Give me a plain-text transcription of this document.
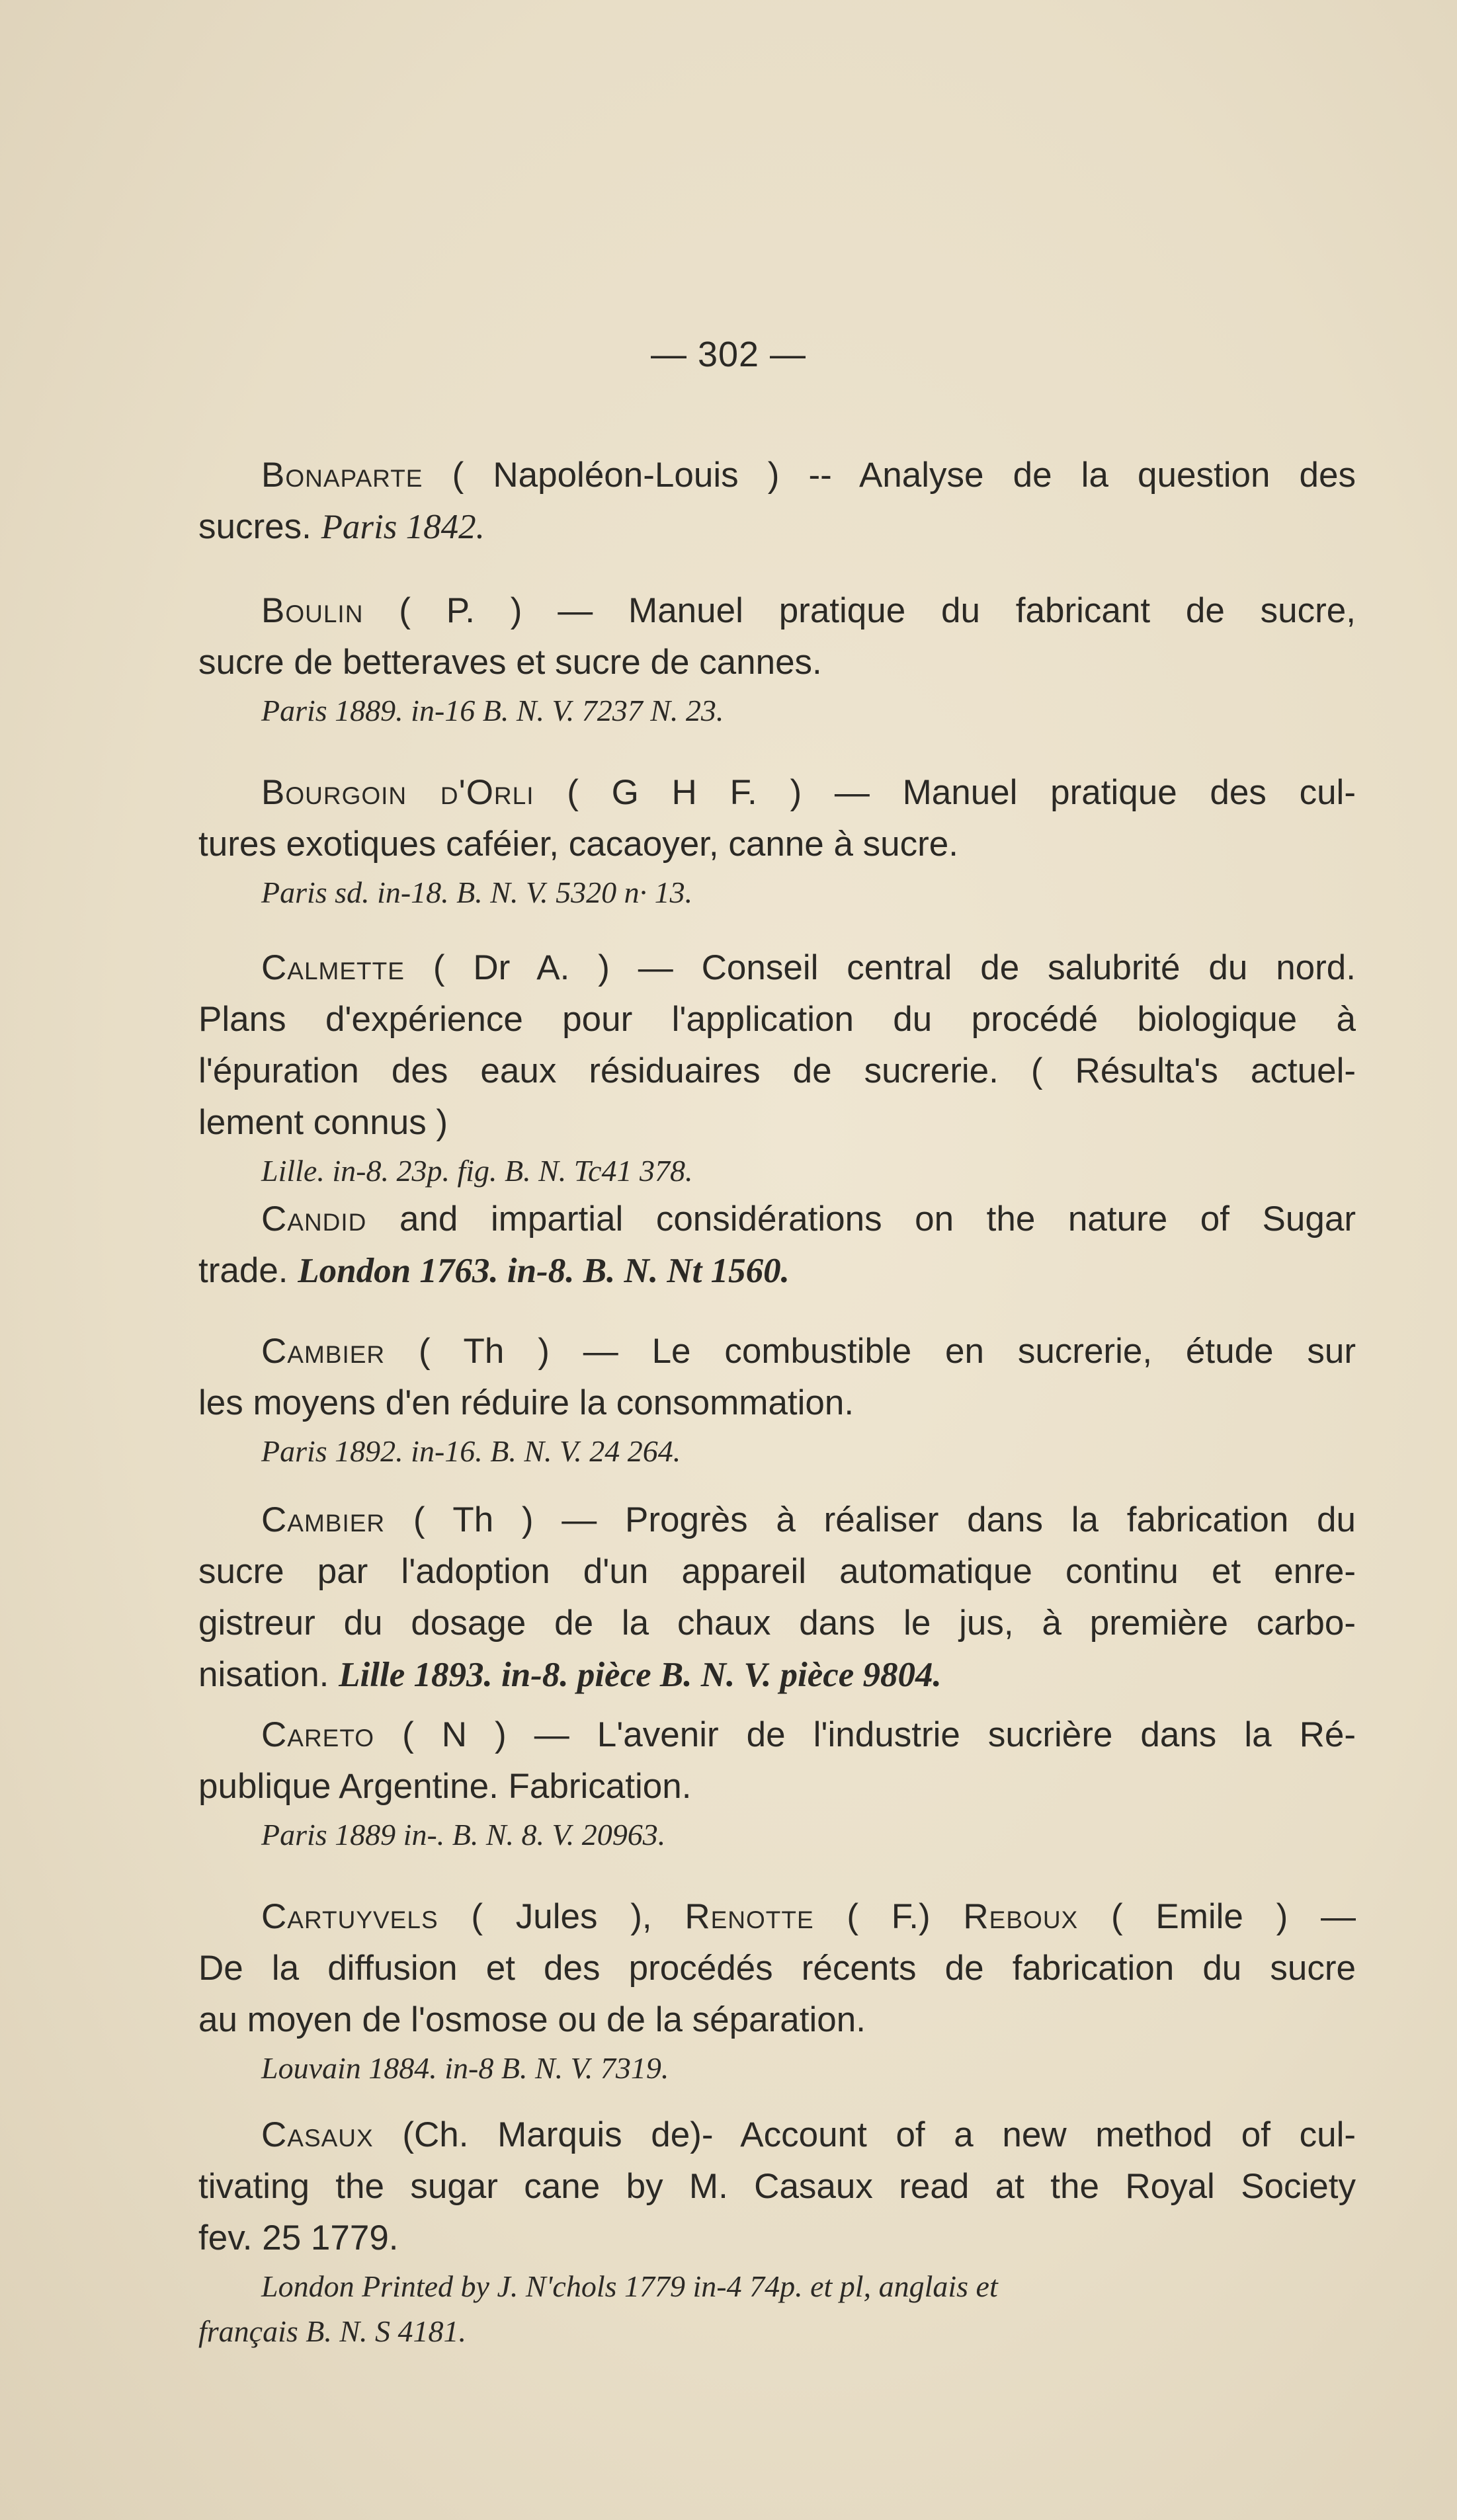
— 302 —
Bonaparte ( Napoléon-Louis ) -- Analyse de la question des
sucres. Paris 1842.
Boulin ( P. ) — Manuel pratique du fabricant de sucre,
sucre de betteraves et sucre de cannes.
Paris 1889. in-16 B. N. V. 7237 N. 23.
Bourgoin d'Orli ( G H F. ) — Manuel pratique des cul-
tures exotiques caféier, cacaoyer, canne à sucre.
Paris sd. in-18. B. N. V. 5320 n· 13.
Calmette ( Dr A. ) — Conseil central de salubrité du nord.
Plans d'expérience pour l'application du procédé biologique à
l'épuration des eaux résiduaires de sucrerie. ( Résulta's actuel-
lement connus )
Lille. in-8. 23p. fig. B. N. Tc41 378.
Candid and impartial considérations on the nature of Sugar
trade. London 1763. in-8. B. N. Nt 1560.
Cambier ( Th ) — Le combustible en sucrerie, étude sur
les moyens d'en réduire la consommation.
Paris 1892. in-16. B. N. V. 24 264.
Cambier ( Th ) — Progrès à réaliser dans la fabrication du
sucre par l'adoption d'un appareil automatique continu et enre-
gistreur du dosage de la chaux dans le jus, à première carbo-
nisation. Lille 1893. in-8. pièce B. N. V. pièce 9804.
Careto ( N ) — L'avenir de l'industrie sucrière dans la Ré-
publique Argentine. Fabrication.
Paris 1889 in-. B. N. 8. V. 20963.
Cartuyvels ( Jules ), Renotte ( F.) Reboux ( Emile ) —
De la diffusion et des procédés récents de fabrication du sucre
au moyen de l'osmose ou de la séparation.
Louvain 1884. in-8 B. N. V. 7319.
Casaux (Ch. Marquis de)- Account of a new method of cul-
tivating the sugar cane by M. Casaux read at the Royal Society
fev. 25 1779.
London Printed by J. N'chols 1779 in-4 74p. et pl, anglais et
français B. N. S 4181.
